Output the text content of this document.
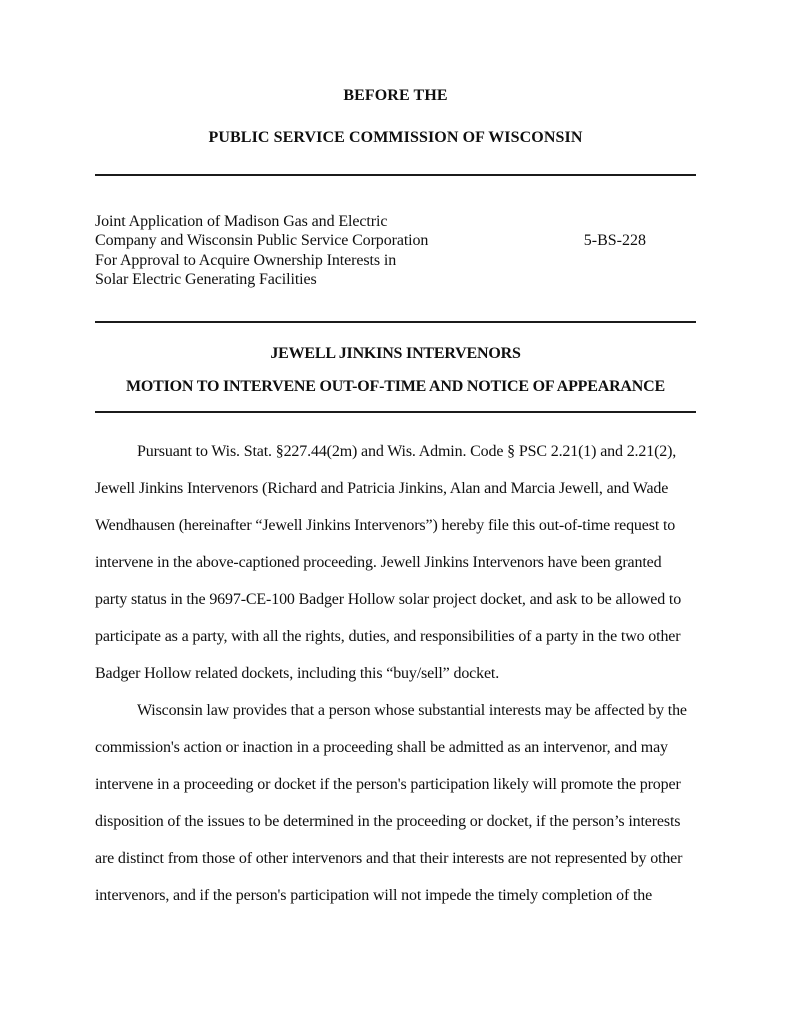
BEFORE THE

PUBLIC SERVICE COMMISSION OF WISCONSIN

Joint Application of Madison Gas and Electric

Company and Wisconsin Public Service Corporation

For Approval to Acquire Ownership Interests in

Solar Electric Generating Facilities

5-BS-228

JEWELL JINKINS INTERVENORS

MOTION TO INTERVENE OUT-OF-TIME AND NOTICE OF APPEARANCE

Pursuant to Wis. Stat. §227.44(2m) and Wis. Admin. Code § PSC 2.21(1) and 2.21(2), Jewell Jinkins Intervenors (Richard and Patricia Jinkins, Alan and Marcia Jewell, and Wade Wendhausen (hereinafter “Jewell Jinkins Intervenors”) hereby file this out-of-time request to intervene in the above-captioned proceeding. Jewell Jinkins Intervenors have been granted party status in the 9697-CE-100 Badger Hollow solar project docket, and ask to be allowed to participate as a party, with all the rights, duties, and responsibilities of a party in the two other Badger Hollow related dockets, including this “buy/sell” docket.

Wisconsin law provides that a person whose substantial interests may be affected by the commission's action or inaction in a proceeding shall be admitted as an intervenor, and may intervene in a proceeding or docket if the person's participation likely will promote the proper disposition of the issues to be determined in the proceeding or docket, if the person’s interests are distinct from those of other intervenors and that their interests are not represented by other intervenors, and if the person's participation will not impede the timely completion of the
